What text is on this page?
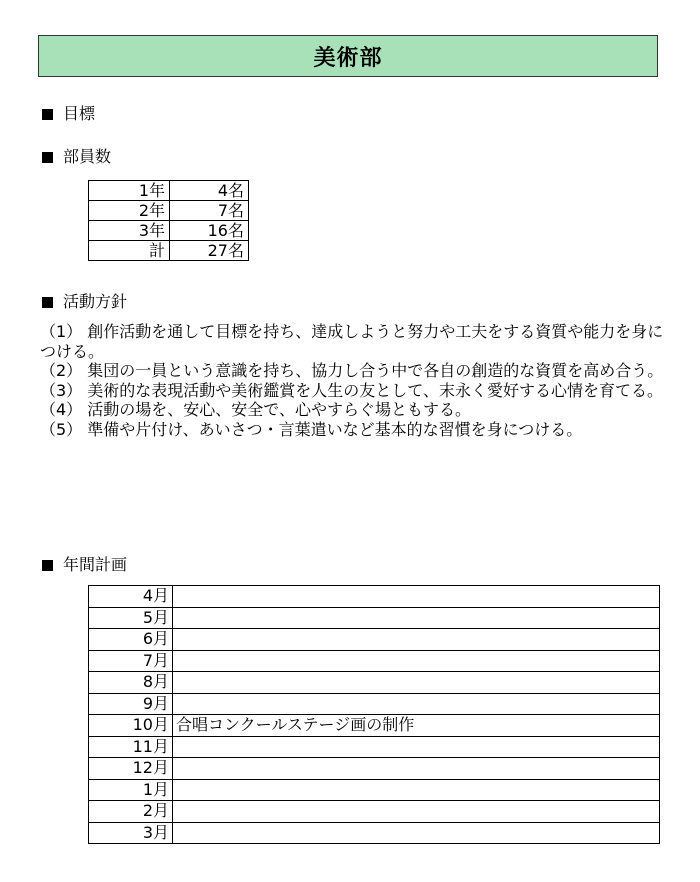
美術部
目標
部員数
1年	4名
2年	7名
3年	16名
計	27名
活動方針

（1） 創作活動を通して目標を持ち、達成しようと努力や工夫をする資質や能力を身につける。

（2） 集団の一員という意識を持ち、協力し合う中で各自の創造的な資質を高め合う。

（3） 美術的な表現活動や美術鑑賞を人生の友として、末永く愛好する心情を育てる。

（4） 活動の場を、安心、安全で、心やすらぐ場ともする。

（5） 準備や片付け、あいさつ・言葉遣いなど基本的な習慣を身につける。

年間計画
4月	
5月	
6月	
7月	
8月	
9月	
10月	合唱コンクールステージ画の制作
11月	
12月	
1月	
2月	
3月	
